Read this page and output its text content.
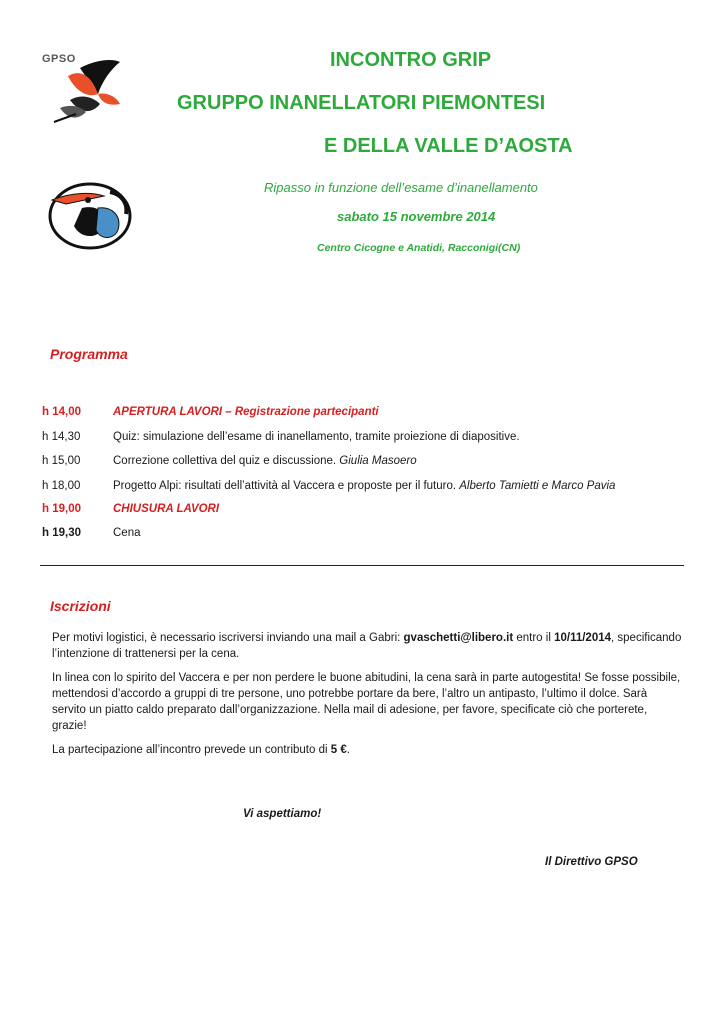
GPSO	INCONTRO GRIP
GRUPPO INANELLATORI PIEMONTESI
E DELLA VALLE D’AOSTA
Ripasso in funzione dell’esame d’inanellamento
sabato 15 novembre 2014
Centro Cicogne e Anatidi, Racconigi(CN)
Programma
h 14,00	APERTURA LAVORI – Registrazione partecipanti
h 14,30	Quiz: simulazione dell’esame di inanellamento, tramite proiezione di diapositive.
h 15,00	Correzione collettiva del quiz e discussione. Giulia Masoero
h 18,00	Progetto Alpi: risultati dell’attività al Vaccera e proposte per il futuro. Alberto Tamietti e Marco Pavia
h 19,00	CHIUSURA LAVORI
h 19,30	Cena
Iscrizioni
Per motivi logistici, è necessario iscriversi inviando una mail a Gabri: gvaschetti@libero.it entro il 10/11/2014, specificando l’intenzione di trattenersi per la cena.
In linea con lo spirito del Vaccera e per non perdere le buone abitudini, la cena sarà in parte autogestita! Se fosse possibile, mettendosi d’accordo a gruppi di tre persone, uno potrebbe portare da bere, l’altro un antipasto, l’ultimo il dolce. Sarà servito un piatto caldo preparato dall’organizzazione. Nella mail di adesione, per favore, specificate ciò che porterete, grazie!
La partecipazione all’incontro prevede un contributo di 5 €.
Vi aspettiamo!
Il Direttivo GPSO
